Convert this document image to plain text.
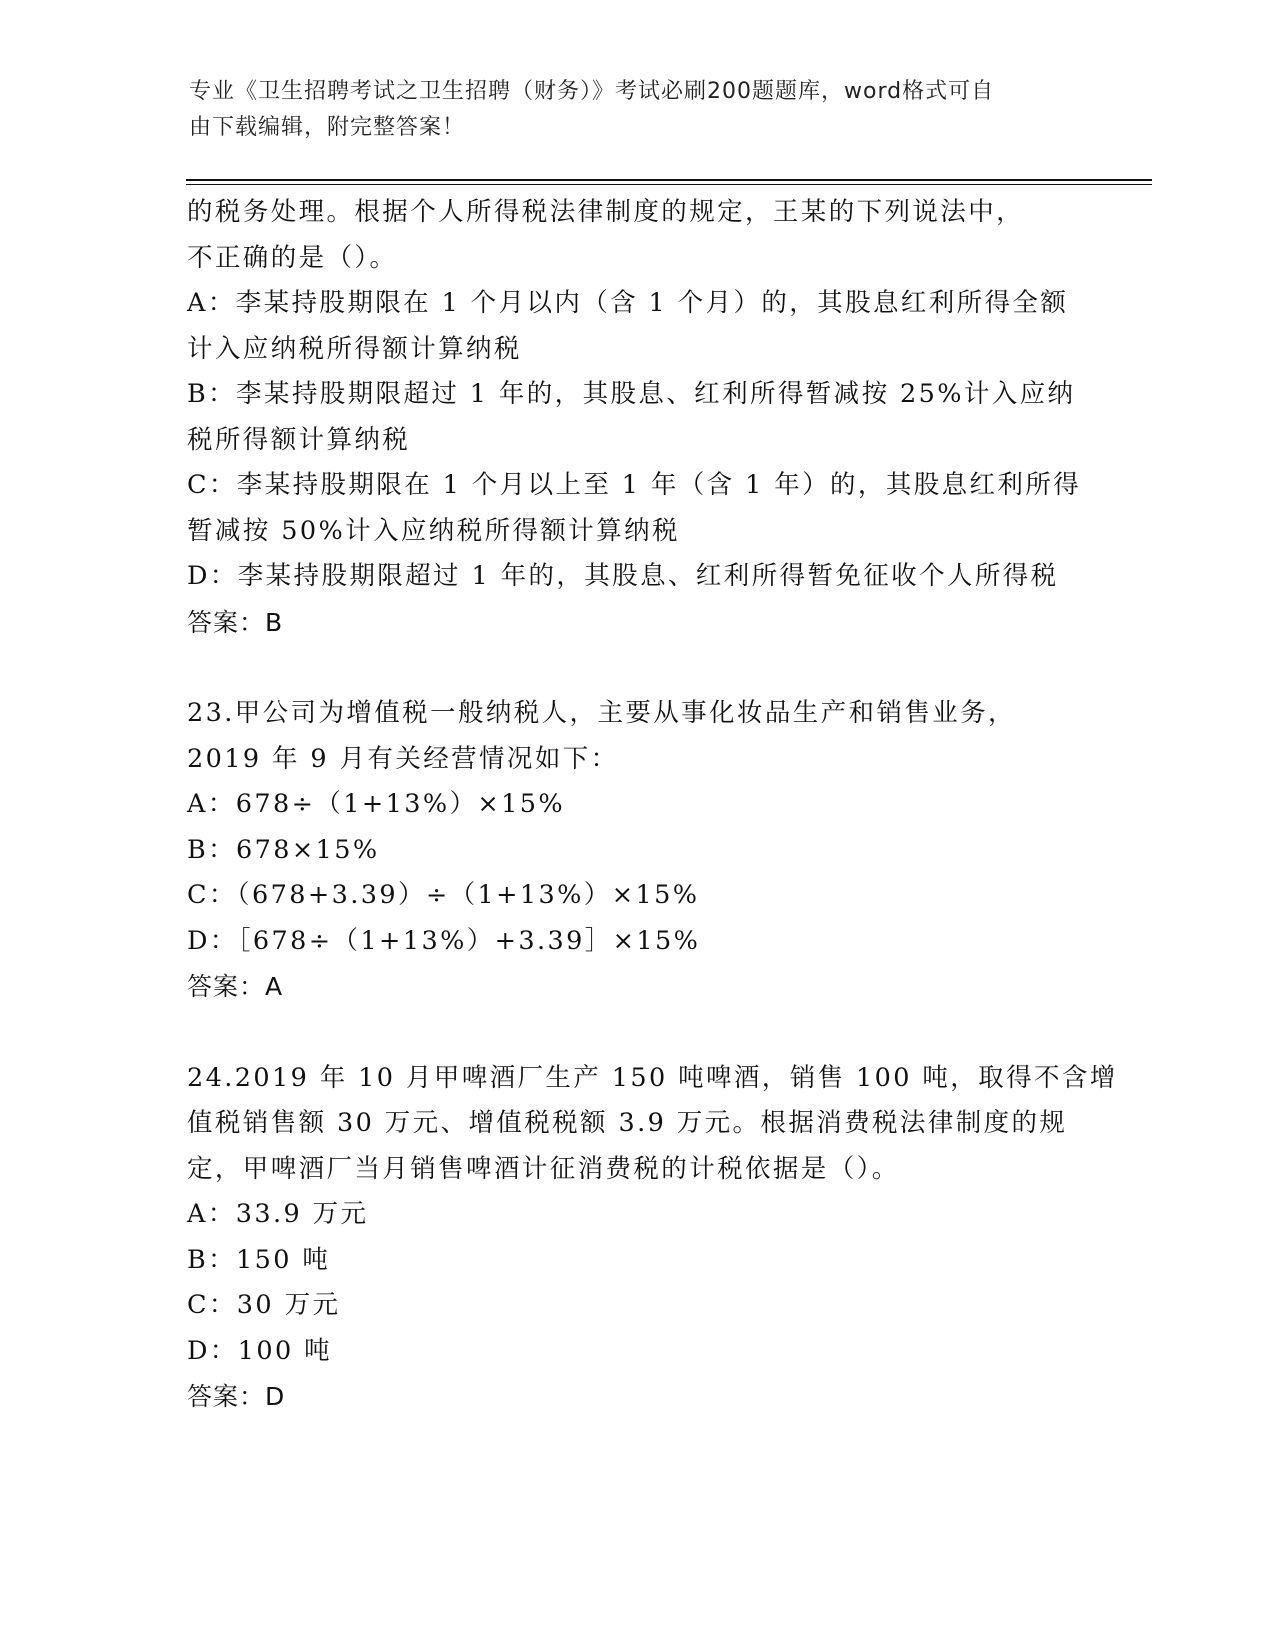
专业《卫生招聘考试之卫生招聘（财务）》考试必刷200题题库，word格式可自
由下载编辑，附完整答案！
的税务处理。根据个人所得税法律制度的规定，王某的下列说法中，
不正确的是（）。
A：李某持股期限在 1 个月以内（含 1 个月）的，其股息红利所得全额
计入应纳税所得额计算纳税
B：李某持股期限超过 1 年的，其股息、红利所得暂减按 25%计入应纳
税所得额计算纳税
C：李某持股期限在 1 个月以上至 1 年（含 1 年）的，其股息红利所得
暂减按 50%计入应纳税所得额计算纳税
D：李某持股期限超过 1 年的，其股息、红利所得暂免征收个人所得税
答案：B
23.甲公司为增值税一般纳税人，主要从事化妆品生产和销售业务，
2019 年 9 月有关经营情况如下：
A：678÷（1+13%）×15%
B：678×15%
C：（678+3.39）÷（1+13%）×15%
D：［678÷（1+13%）+3.39］×15%
答案：A
24.2019 年 10 月甲啤酒厂生产 150 吨啤酒，销售 100 吨，取得不含增
值税销售额 30 万元、增值税税额 3.9 万元。根据消费税法律制度的规
定，甲啤酒厂当月销售啤酒计征消费税的计税依据是（）。
A：33.9 万元
B：150 吨
C：30 万元
D：100 吨
答案：D
